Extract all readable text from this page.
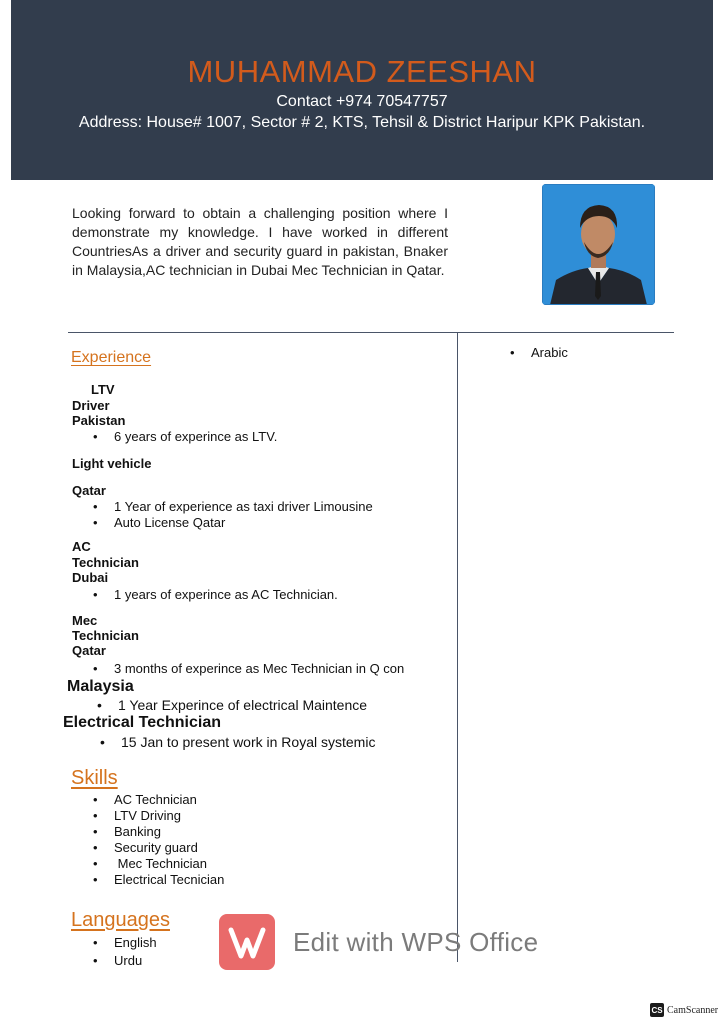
MUHAMMAD ZEESHAN
Contact +974 70547757
Address: House# 1007, Sector # 2, KTS, Tehsil & District Haripur KPK Pakistan.
Looking forward to obtain a challenging position where I demonstrate my knowledge. I have worked in different CountriesAs a driver and security guard in pakistan, Bnaker in Malaysia,AC technician in Dubai Mec Technician in Qatar.
• Arabic
Experience
LTV
Driver
Pakistan
• 6 years of experince as LTV.
Light vehicle
Qatar
• 1 Year of experience as taxi driver Limousine
• Auto License Qatar
AC
Technician
Dubai
• 1 years of experince as AC Technician.
Mec
Technician
Qatar
• 3 months of experince as Mec Technician in Q con
Malaysia
• 1 Year Experince of electrical Maintence
Electrical Technician
• 15 Jan to present work in Royal systemic
Skills
• AC Technician
• LTV Driving
• Banking
• Security guard
•  Mec Technician
• Electrical Tecnician
Languages
• English
• Urdu
Edit with WPS Office
CS CamScanner
